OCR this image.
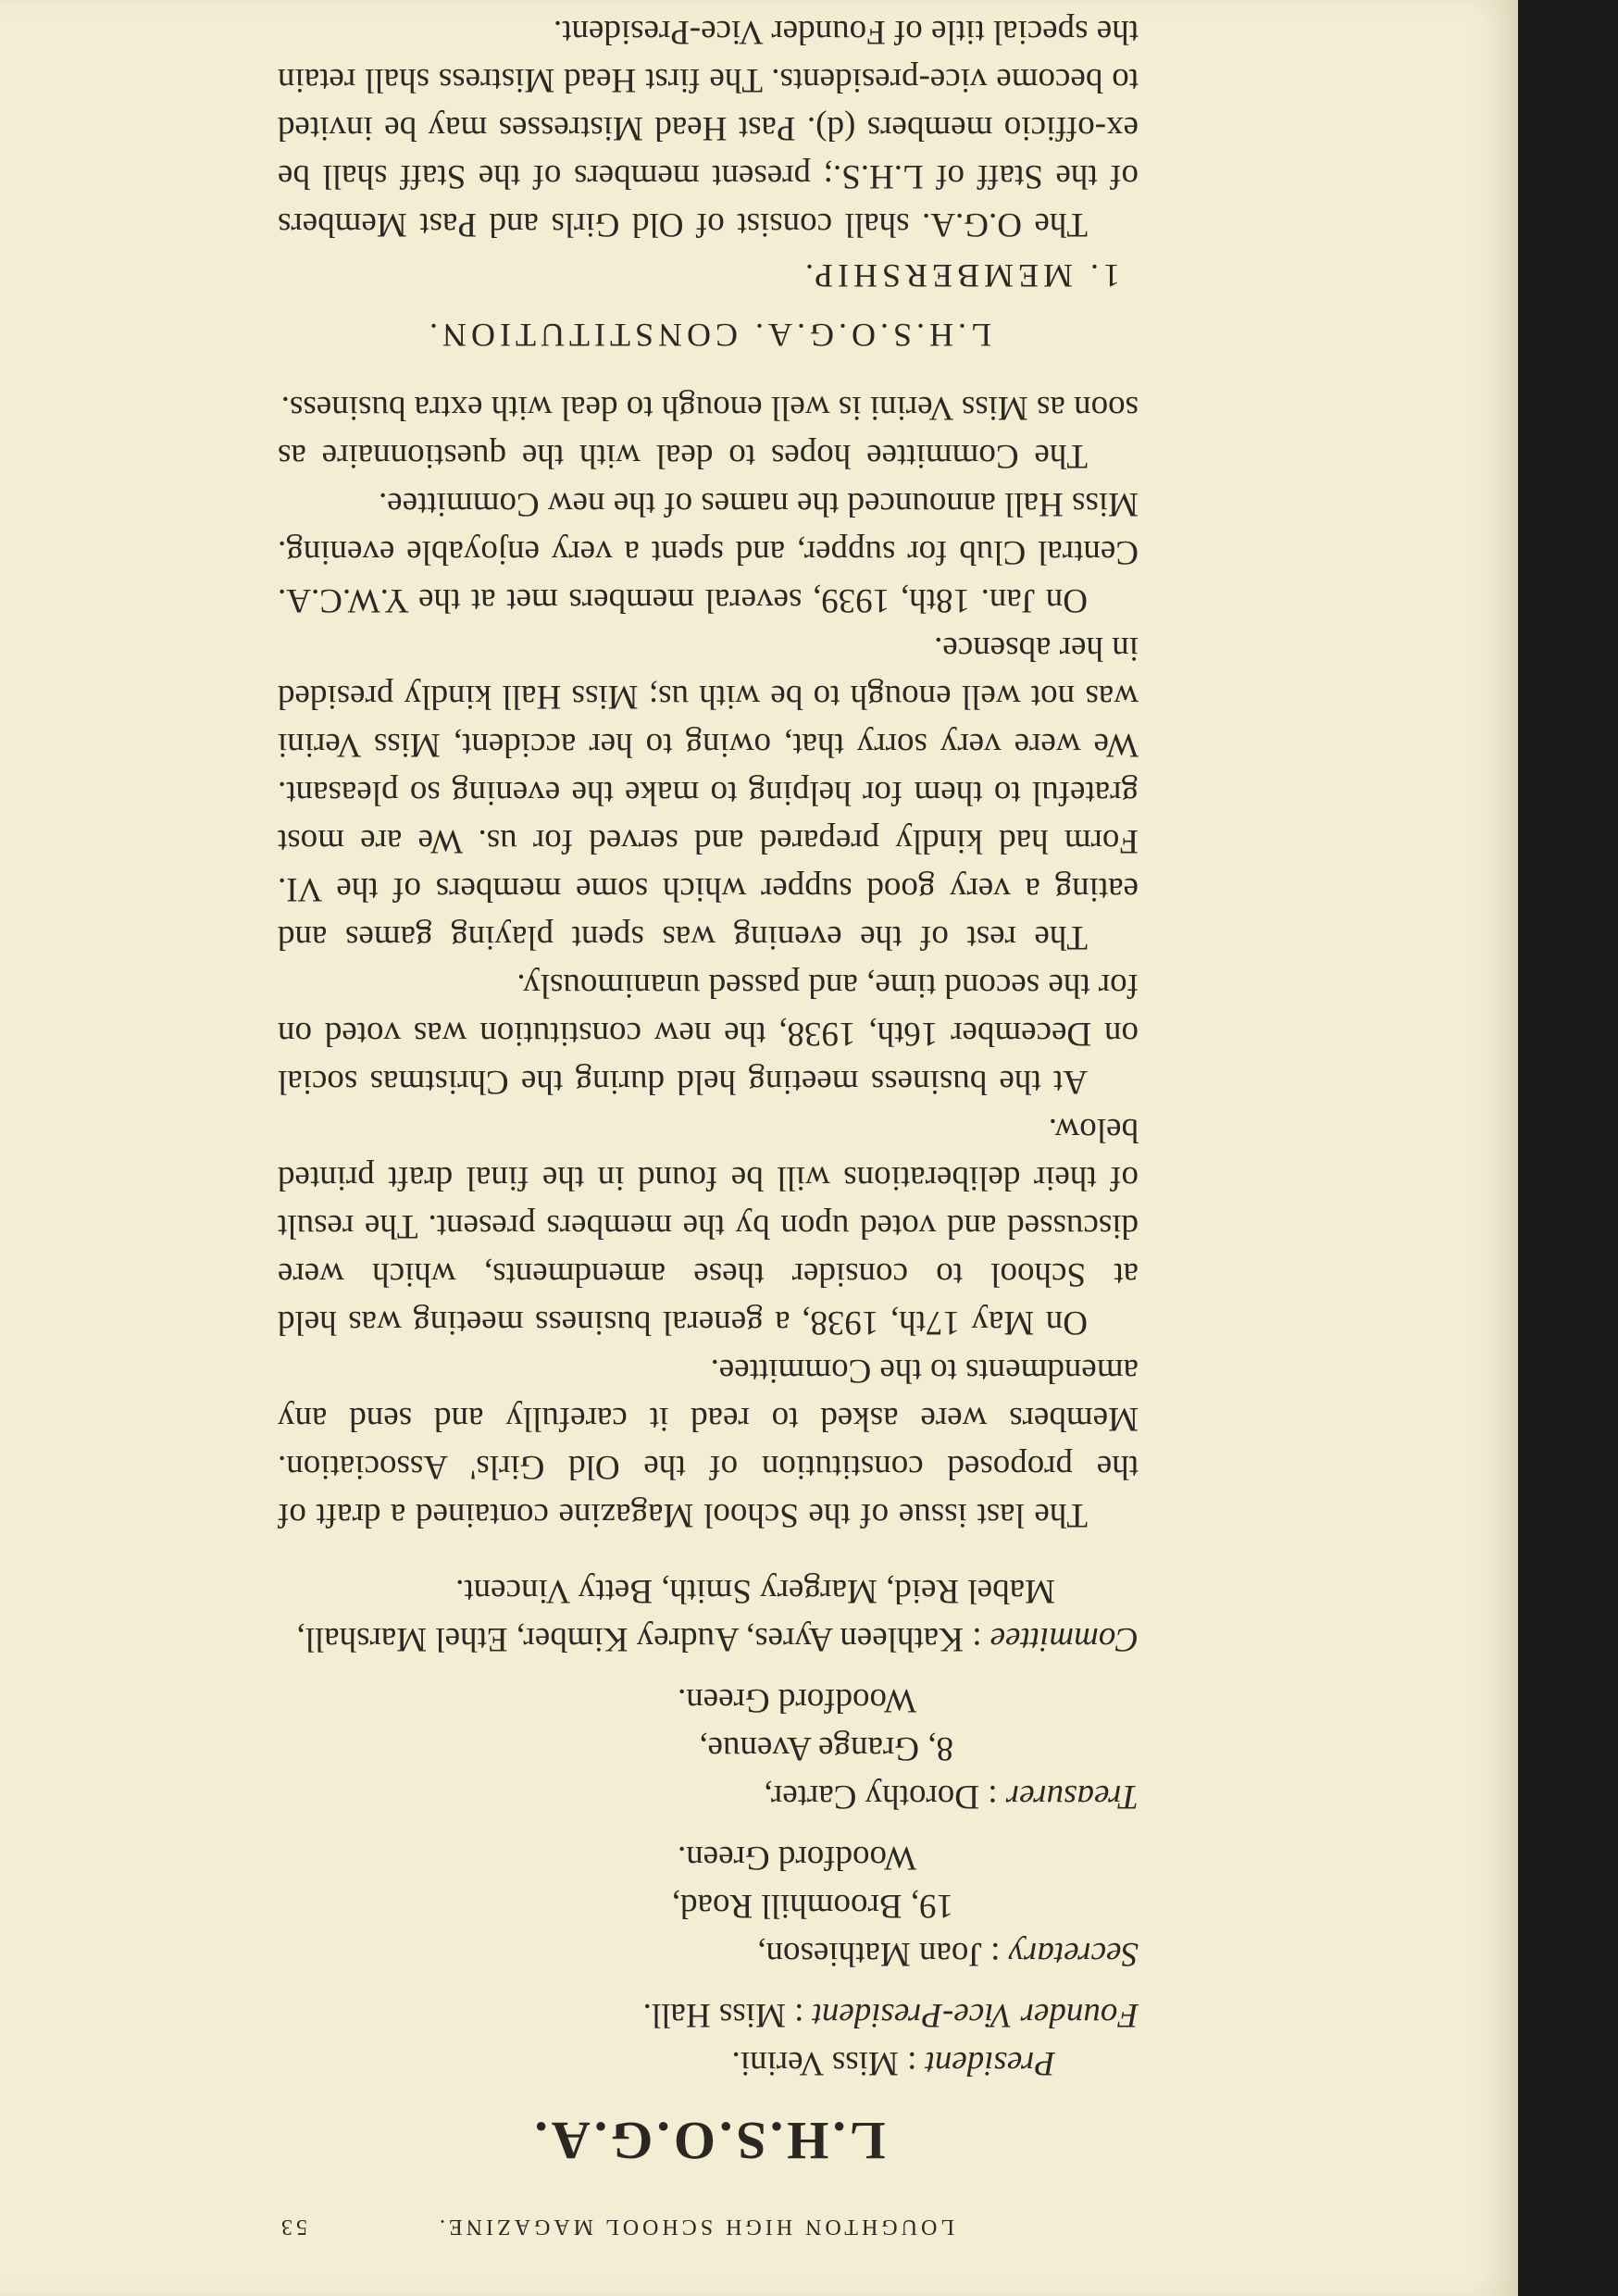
LOUGHTON HIGH SCHOOL MAGAZINE.
53
L.H.S.O.G.A.
President : Miss Verini.
Founder Vice-President : Miss Hall.
Secretary : Joan Mathieson,
19, Broomhill Road,
Woodford Green.
Treasurer : Dorothy Carter,
8, Grange Avenue,
Woodford Green.
Committee : Kathleen Ayres, Audrey Kimber, Ethel Marshall,
Mabel Reid, Margery Smith, Betty Vincent.

The last issue of the School Magazine contained a draft of the proposed constitution of the Old Girls' Association. Members were asked to read it carefully and send any amendments to the Committee.

On May 17th, 1938, a general business meeting was held at School to consider these amendments, which were discussed and voted upon by the members present. The result of their deliberations will be found in the final draft printed below.

At the business meeting held during the Christmas social on December 16th, 1938, the new constitution was voted on for the second time, and passed unanimously.

The rest of the evening was spent playing games and eating a very good supper which some members of the VI. Form had kindly prepared and served for us. We are most grateful to them for helping to make the evening so pleasant. We were very sorry that, owing to her accident, Miss Verini was not well enough to be with us; Miss Hall kindly presided in her absence.

On Jan. 18th, 1939, several members met at the Y.W.C.A. Central Club for supper, and spent a very enjoyable evening. Miss Hall announced the names of the new Committee.

The Committee hopes to deal with the questionnaire as soon as Miss Verini is well enough to deal with extra business.

L.H.S.O.G.A. CONSTITUTION.
1. MEMBERSHIP.

The O.G.A. shall consist of Old Girls and Past Members of the Staff of L.H.S.; present members of the Staff shall be ex-officio members (d). Past Head Mistresses may be invited to become vice-presidents. The first Head Mistress shall retain the special title of Founder Vice-President.
